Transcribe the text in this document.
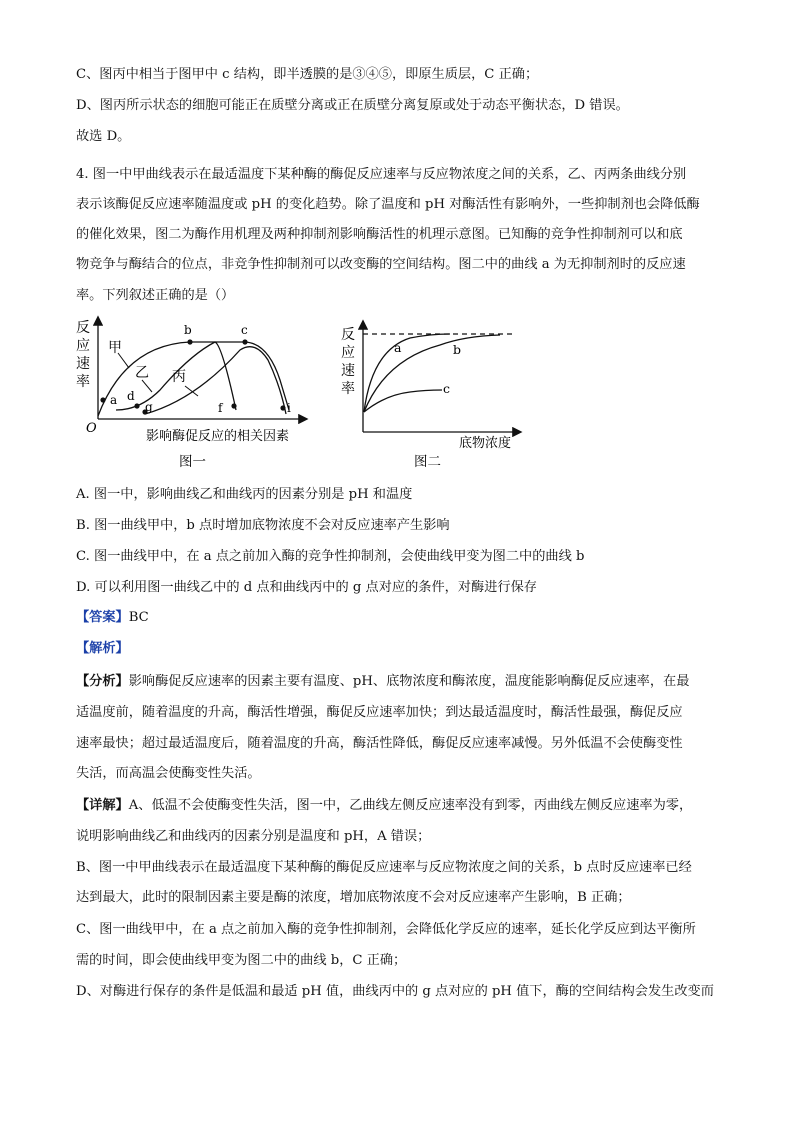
C、图丙中相当于图甲中 c 结构，即半透膜的是③④⑤，即原生质层，C 正确；
D、图丙所示状态的细胞可能正在质壁分离或正在质壁分离复原或处于动态平衡状态，D 错误。
故选 D。
4. 图一中甲曲线表示在最适温度下某种酶的酶促反应速率与反应物浓度之间的关系，乙、丙两条曲线分别
表示该酶促反应速率随温度或 pH 的变化趋势。除了温度和 pH 对酶活性有影响外，一些抑制剂也会降低酶
的催化效果，图二为酶作用机理及两种抑制剂影响酶活性的机理示意图。已知酶的竞争性抑制剂可以和底
物竞争与酶结合的位点，非竞争性抑制剂可以改变酶的空间结构。图二中的曲线 a 为无抑制剂时的反应速
率。下列叙述正确的是（）
反
应
速
率
O
甲
乙 丙
a
b	c
d
g	f	i
影响酶促反应的相关因素
图一
反
应
速
率
a	b
c
底物浓度
图二
A. 图一中，影响曲线乙和曲线丙的因素分别是 pH 和温度
B. 图一曲线甲中，b 点时增加底物浓度不会对反应速率产生影响
C. 图一曲线甲中，在 a 点之前加入酶的竞争性抑制剂，会使曲线甲变为图二中的曲线 b
D. 可以利用图一曲线乙中的 d 点和曲线丙中的 g 点对应的条件，对酶进行保存
【答案】BC
【解析】
【分析】影响酶促反应速率的因素主要有温度、pH、底物浓度和酶浓度，温度能影响酶促反应速率，在最
适温度前，随着温度的升高，酶活性增强，酶促反应速率加快；到达最适温度时，酶活性最强，酶促反应
速率最快；超过最适温度后，随着温度的升高，酶活性降低，酶促反应速率减慢。另外低温不会使酶变性
失活，而高温会使酶变性失活。
【详解】A、低温不会使酶变性失活，图一中，乙曲线左侧反应速率没有到零，丙曲线左侧反应速率为零，
说明影响曲线乙和曲线丙的因素分别是温度和 pH，A 错误；
B、图一中甲曲线表示在最适温度下某种酶的酶促反应速率与反应物浓度之间的关系，b 点时反应速率已经
达到最大，此时的限制因素主要是酶的浓度，增加底物浓度不会对反应速率产生影响，B 正确；
C、图一曲线甲中，在 a 点之前加入酶的竞争性抑制剂，会降低化学反应的速率，延长化学反应到达平衡所
需的时间，即会使曲线甲变为图二中的曲线 b，C 正确；
D、对酶进行保存的条件是低温和最适 pH 值，曲线丙中的 g 点对应的 pH 值下，酶的空间结构会发生改变而
